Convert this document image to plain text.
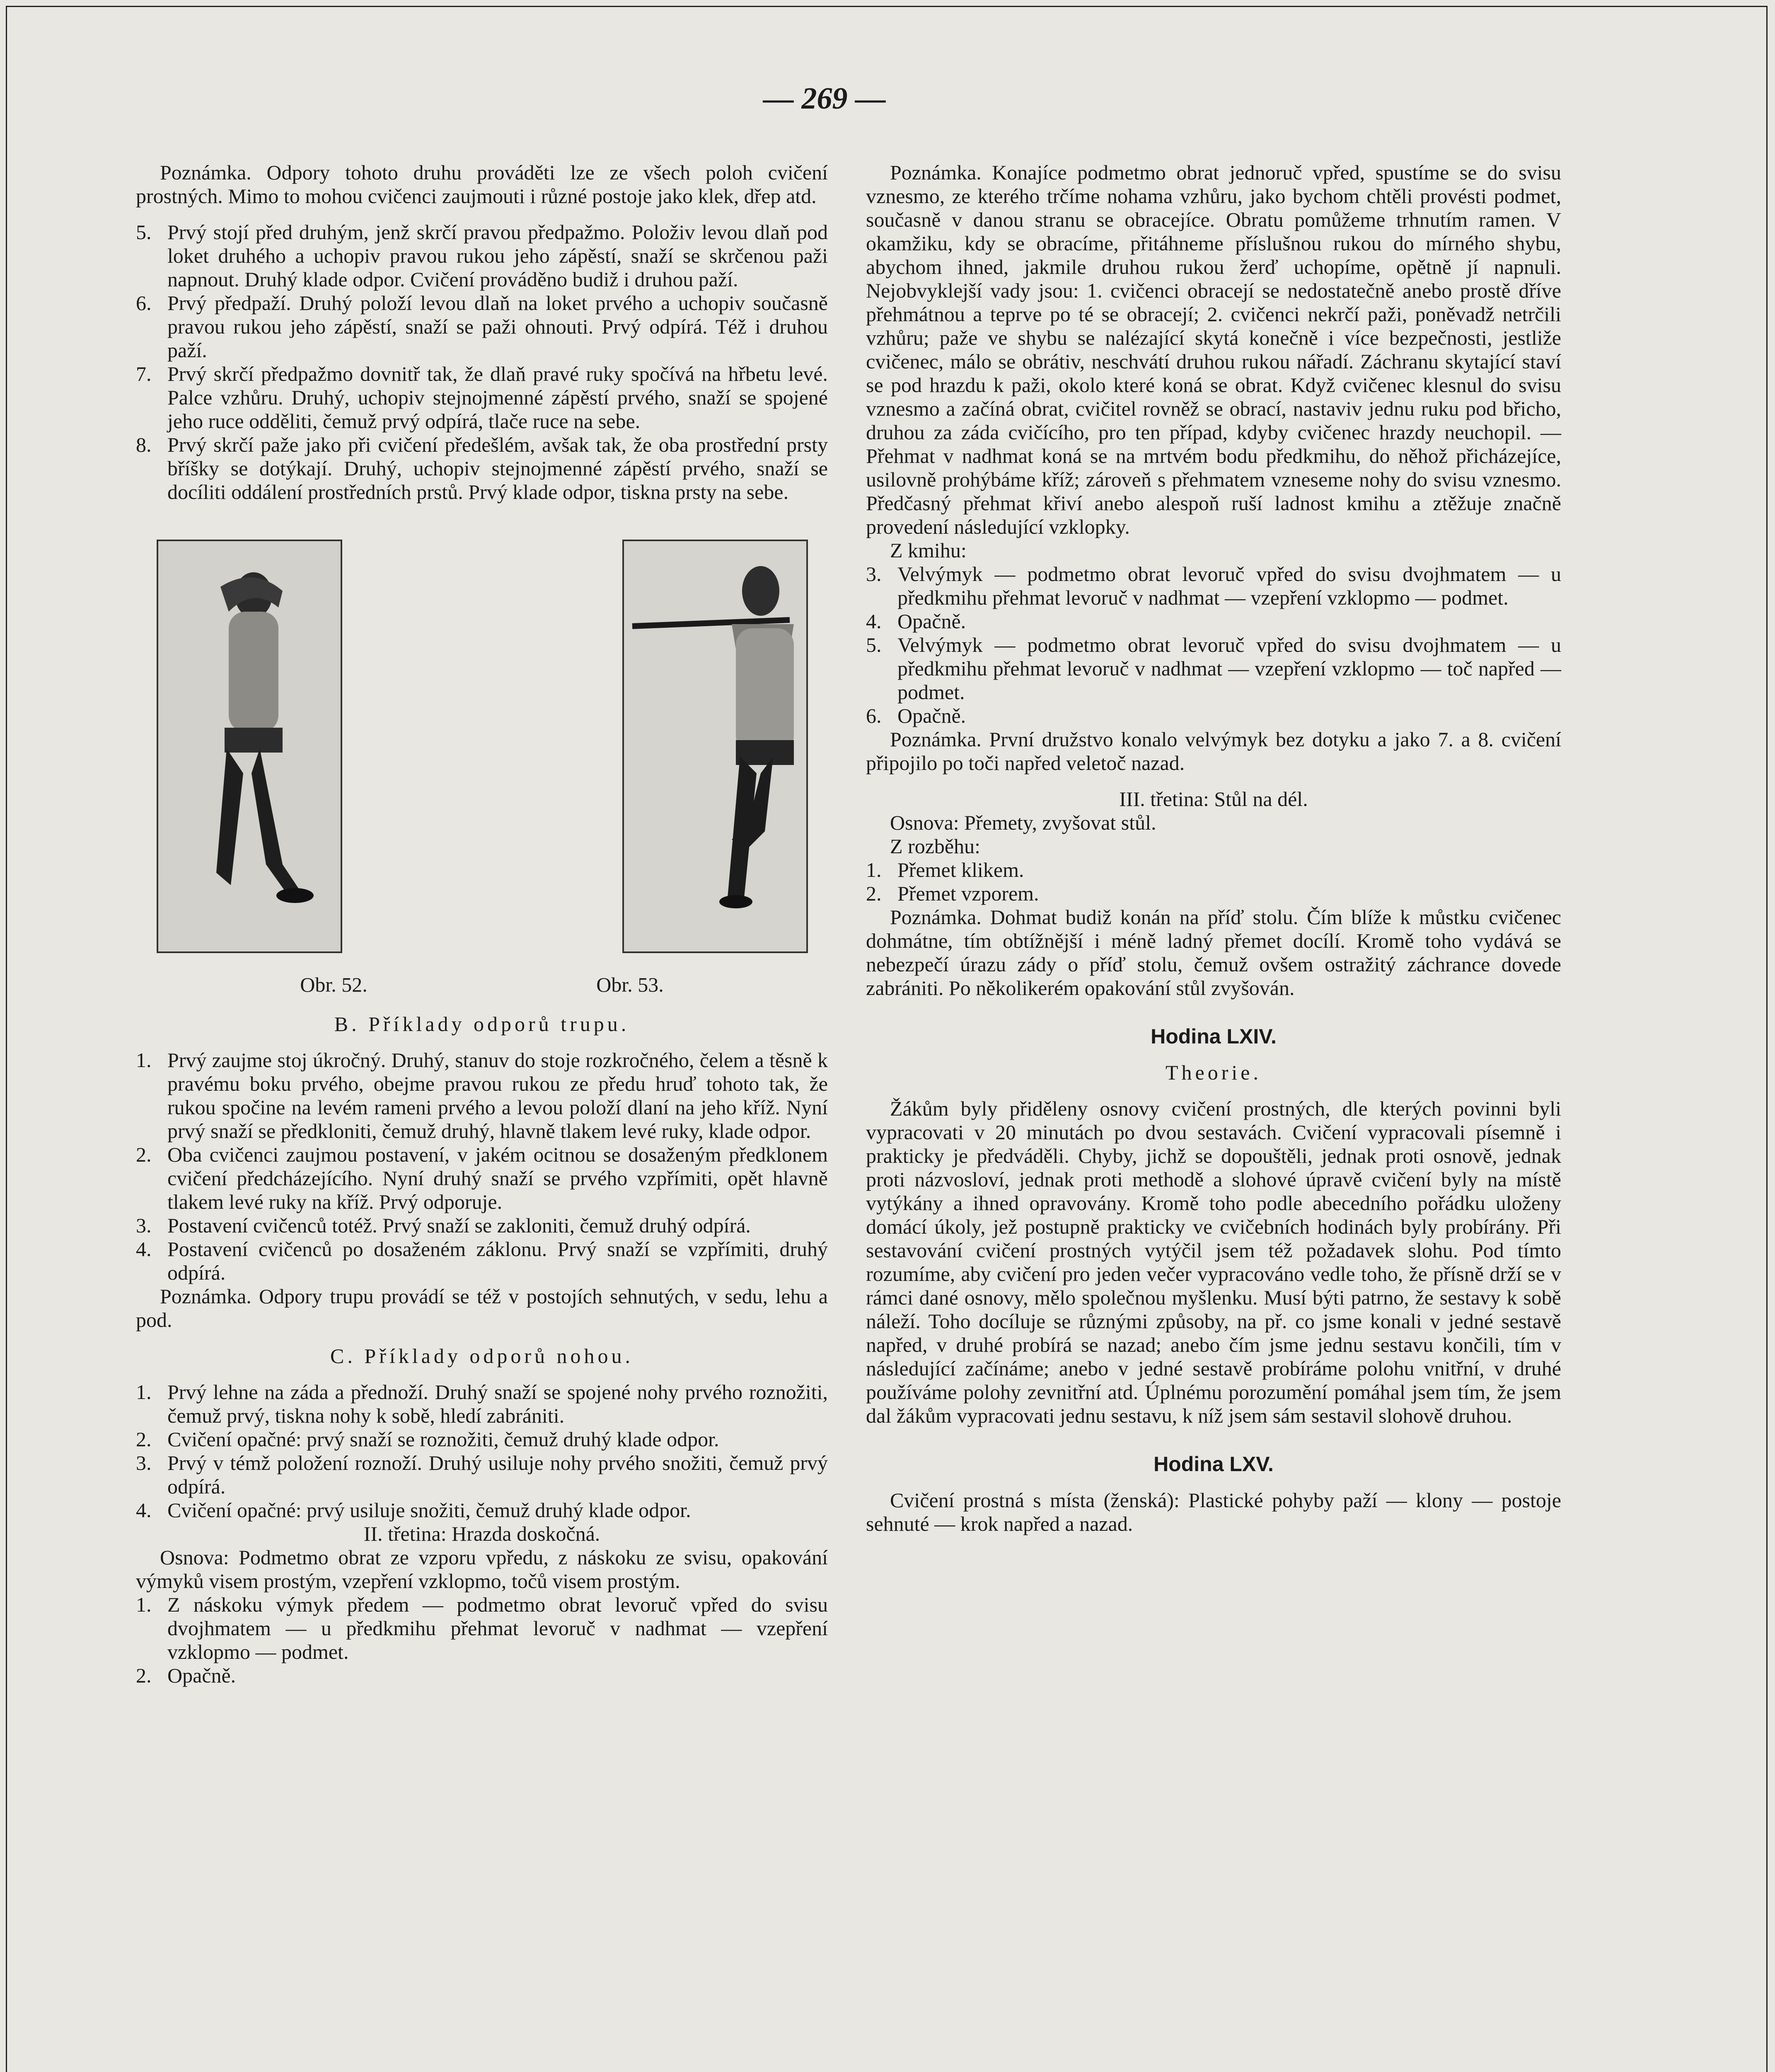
— 269 —

Poznámka. Odpory tohoto druhu prováděti lze ze všech poloh cvičení prostných. Mimo to mohou cvičenci zaujmouti i různé postoje jako klek, dřep atd.

5. Prvý stojí před druhým, jenž skrčí pravou předpažmo. Položiv levou dlaň pod loket druhého a uchopiv pravou rukou jeho zápěstí, snaží se skrčenou paži napnout. Druhý klade odpor. Cvičení prováděno budiž i druhou paží.
6. Prvý předpaží. Druhý položí levou dlaň na loket prvého a uchopiv současně pravou rukou jeho zápěstí, snaží se paži ohnouti. Prvý odpírá. Též i druhou paží.
7. Prvý skrčí předpažmo dovnitř tak, že dlaň pravé ruky spočívá na hřbetu levé. Palce vzhůru. Druhý, uchopiv stejnojmenné zápěstí prvého, snaží se spojené jeho ruce odděliti, čemuž prvý odpírá, tlače ruce na sebe.
8. Prvý skrčí paže jako při cvičení předešlém, avšak tak, že oba prostřední prsty bříšky se dotýkají. Druhý, uchopiv stejnojmenné zápěstí prvého, snaží se docíliti oddálení prostředních prstů. Prvý klade odpor, tiskna prsty na sebe.
Obr. 52.	Obr. 53.

B. Příklady odporů trupu.

1. Prvý zaujme stoj úkročný. Druhý, stanuv do stoje rozkročného, čelem a těsně k pravému boku prvého, obejme pravou rukou ze předu hruď tohoto tak, že rukou spočine na levém rameni prvého a levou položí dlaní na jeho kříž. Nyní prvý snaží se předkloniti, čemuž druhý, hlavně tlakem levé ruky, klade odpor.
2. Oba cvičenci zaujmou postavení, v jakém ocitnou se dosaženým předklonem cvičení předcházejícího. Nyní druhý snaží se prvého vzpřímiti, opět hlavně tlakem levé ruky na kříž. Prvý odporuje.
3. Postavení cvičenců totéž. Prvý snaží se zakloniti, čemuž druhý odpírá.
4. Postavení cvičenců po dosaženém záklonu. Prvý snaží se vzpřímiti, druhý odpírá.

Poznámka. Odpory trupu provádí se též v postojích sehnutých, v sedu, lehu a pod.

C. Příklady odporů nohou.

1. Prvý lehne na záda a přednoží. Druhý snaží se spojené nohy prvého roznožiti, čemuž prvý, tiskna nohy k sobě, hledí zabrániti.
2. Cvičení opačné: prvý snaží se roznožiti, čemuž druhý klade odpor.
3. Prvý v témž položení roznoží. Druhý usiluje nohy prvého snožiti, čemuž prvý odpírá.
4. Cvičení opačné: prvý usiluje snožiti, čemuž druhý klade odpor.

II. třetina: Hrazda doskočná.

Osnova: Podmetmo obrat ze vzporu vpředu, z náskoku ze svisu, opakování výmyků visem prostým, vzepření vzklopmo, točů visem prostým.

1. Z náskoku výmyk předem — podmetmo obrat levoruč vpřed do svisu dvojhmatem — u předkmihu přehmat levoruč v nadhmat — vzepření vzklopmo — podmet.
2. Opačně.

Poznámka. Konajíce podmetmo obrat jednoruč vpřed, spustíme se do svisu vznesmo, ze kterého trčíme nohama vzhůru, jako bychom chtěli provésti podmet, současně v danou stranu se obracejíce. Obratu pomůžeme trhnutím ramen. V okamžiku, kdy se obracíme, přitáhneme příslušnou rukou do mírného shybu, abychom ihned, jakmile druhou rukou žerď uchopíme, opětně jí napnuli. Nejobvyklejší vady jsou: 1. cvičenci obracejí se nedostatečně anebo prostě dříve přehmátnou a teprve po té se obracejí; 2. cvičenci nekrčí paži, poněvadž netrčili vzhůru; paže ve shybu se nalézající skytá konečně i více bezpečnosti, jestliže cvičenec, málo se obrátiv, neschvátí druhou rukou nářadí. Záchranu skytající staví se pod hrazdu k paži, okolo které koná se obrat. Když cvičenec klesnul do svisu vznesmo a začíná obrat, cvičitel rovněž se obrací, nastaviv jednu ruku pod břicho, druhou za záda cvičícího, pro ten případ, kdyby cvičenec hrazdy neuchopil. — Přehmat v nadhmat koná se na mrtvém bodu předkmihu, do něhož přicházejíce, usilovně prohýbáme kříž; zároveň s přehmatem vzneseme nohy do svisu vznesmo. Předčasný přehmat křiví anebo alespoň ruší ladnost kmihu a ztěžuje značně provedení následující vzklopky.

Z kmihu:

3. Velvýmyk — podmetmo obrat levoruč vpřed do svisu dvojhmatem — u předkmihu přehmat levoruč v nadhmat — vzepření vzklopmo — podmet.
4. Opačně.
5. Velvýmyk — podmetmo obrat levoruč vpřed do svisu dvojhmatem — u předkmihu přehmat levoruč v nadhmat — vzepření vzklopmo — toč napřed — podmet.
6. Opačně.

Poznámka. První družstvo konalo velvýmyk bez dotyku a jako 7. a 8. cvičení připojilo po toči napřed veletoč nazad.

III. třetina: Stůl na dél.

Osnova: Přemety, zvyšovat stůl.

Z rozběhu:

1. Přemet klikem.
2. Přemet vzporem.

Poznámka. Dohmat budiž konán na příď stolu. Čím blíže k můstku cvičenec dohmátne, tím obtížnější i méně ladný přemet docílí. Kromě toho vydává se nebezpečí úrazu zády o příď stolu, čemuž ovšem ostražitý záchrance dovede zabrániti. Po několikerém opakování stůl zvyšován.

Hodina LXIV.

Theorie.

Žákům byly přiděleny osnovy cvičení prostných, dle kterých povinni byli vypracovati v 20 minutách po dvou sestavách. Cvičení vypracovali písemně i prakticky je předváděli. Chyby, jichž se dopouštěli, jednak proti osnově, jednak proti názvosloví, jednak proti methodě a slohové úpravě cvičení byly na místě vytýkány a ihned opravovány. Kromě toho podle abecedního pořádku uloženy domácí úkoly, jež postupně prakticky ve cvičebních hodinách byly probírány. Při sestavování cvičení prostných vytýčil jsem též požadavek slohu. Pod tímto rozumíme, aby cvičení pro jeden večer vypracováno vedle toho, že přísně drží se v rámci dané osnovy, mělo společnou myšlenku. Musí býti patrno, že sestavy k sobě náleží. Toho docíluje se různými způsoby, na př. co jsme konali v jedné sestavě napřed, v druhé probírá se nazad; anebo čím jsme jednu sestavu končili, tím v následující začínáme; anebo v jedné sestavě probíráme polohu vnitřní, v druhé používáme polohy zevnitřní atd. Úplnému porozumění pomáhal jsem tím, že jsem dal žákům vypracovati jednu sestavu, k níž jsem sám sestavil slohově druhou.

Hodina LXV.

Cvičení prostná s místa (ženská): Plastické pohyby paží — klony — postoje sehnuté — krok napřed a nazad.
